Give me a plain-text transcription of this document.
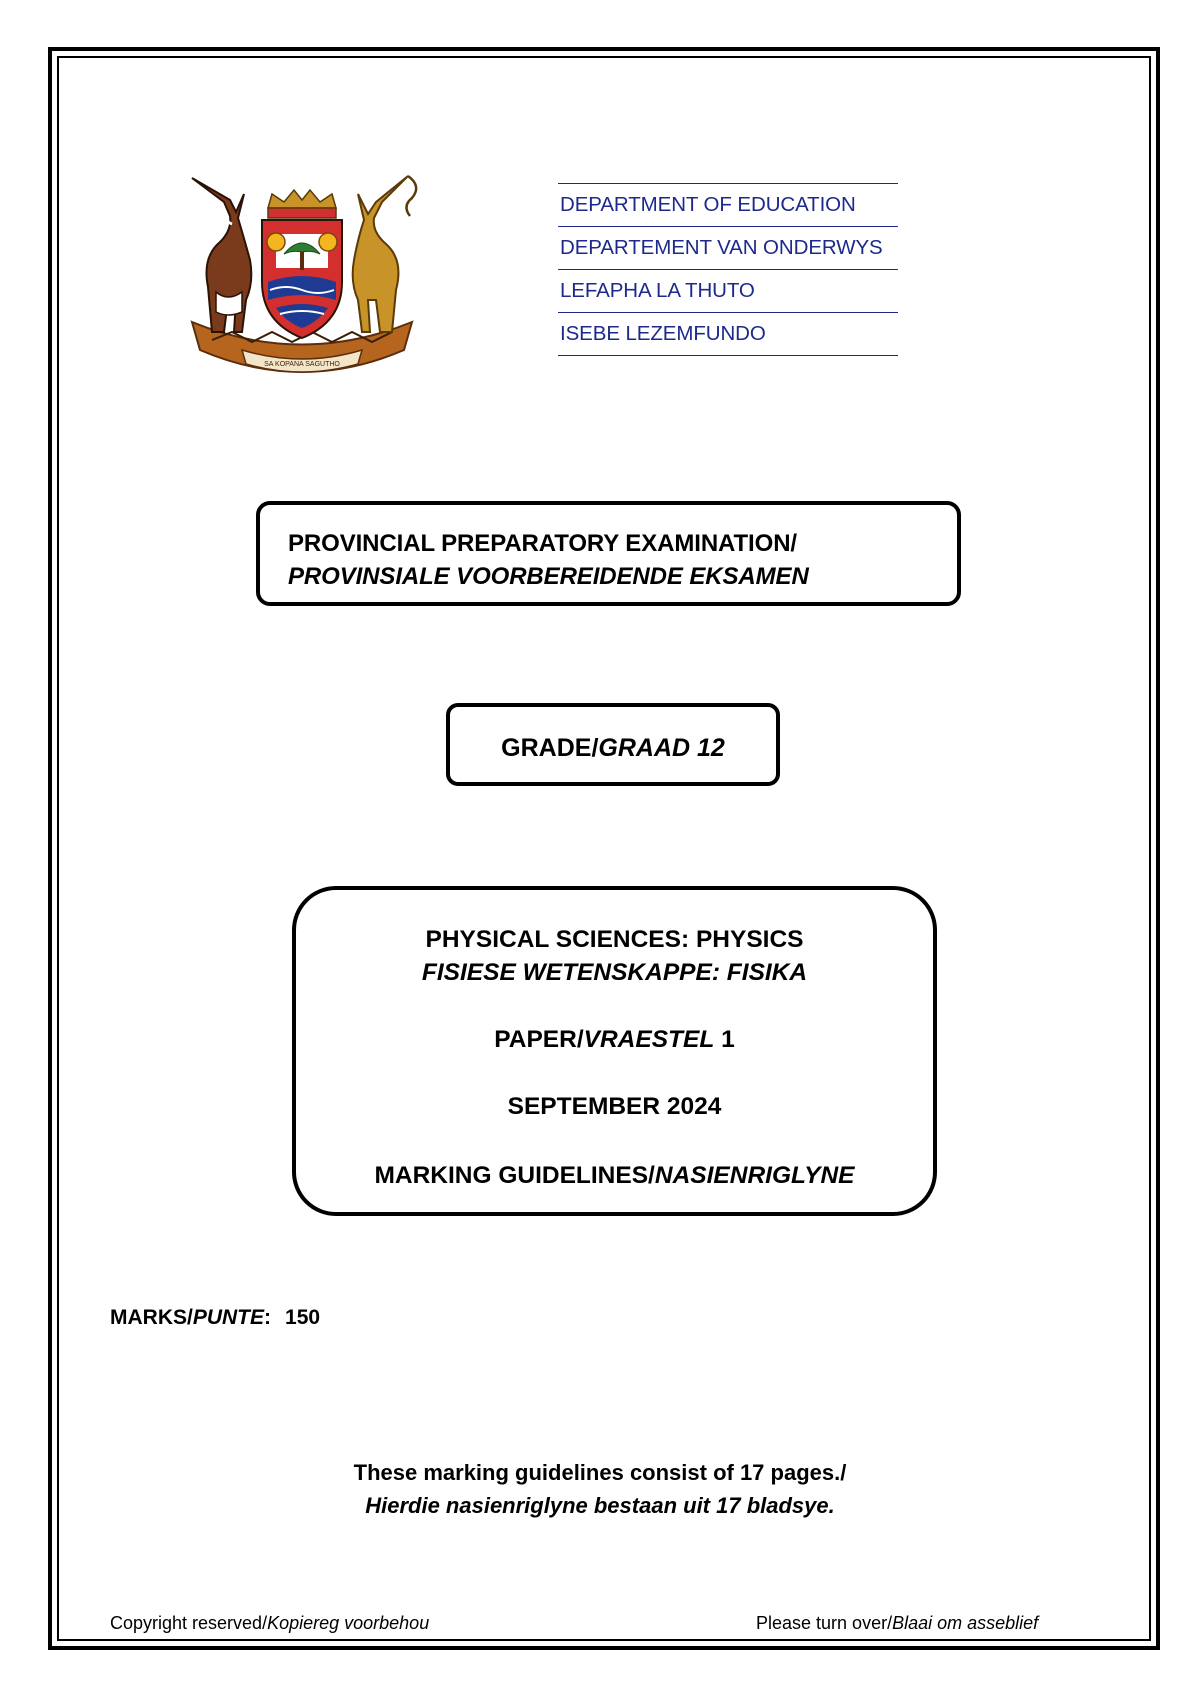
SA KOPANA SAGUTHO
DEPARTMENT OF EDUCATION
DEPARTEMENT VAN ONDERWYS
LEFAPHA LA THUTO
ISEBE LEZEMFUNDO
PROVINCIAL PREPARATORY EXAMINATION/
PROVINSIALE VOORBEREIDENDE EKSAMEN
GRADE/GRAAD 12
PHYSICAL SCIENCES: PHYSICS
FISIESE WETENSKAPPE: FISIKA
PAPER/VRAESTEL 1
SEPTEMBER 2024
MARKING GUIDELINES/NASIENRIGLYNE
MARKS/PUNTE: 150
These marking guidelines consist of 17 pages./
Hierdie nasienriglyne bestaan uit 17 bladsye.
Copyright reserved/Kopiereg voorbehou	Please turn over/Blaai om asseblief
